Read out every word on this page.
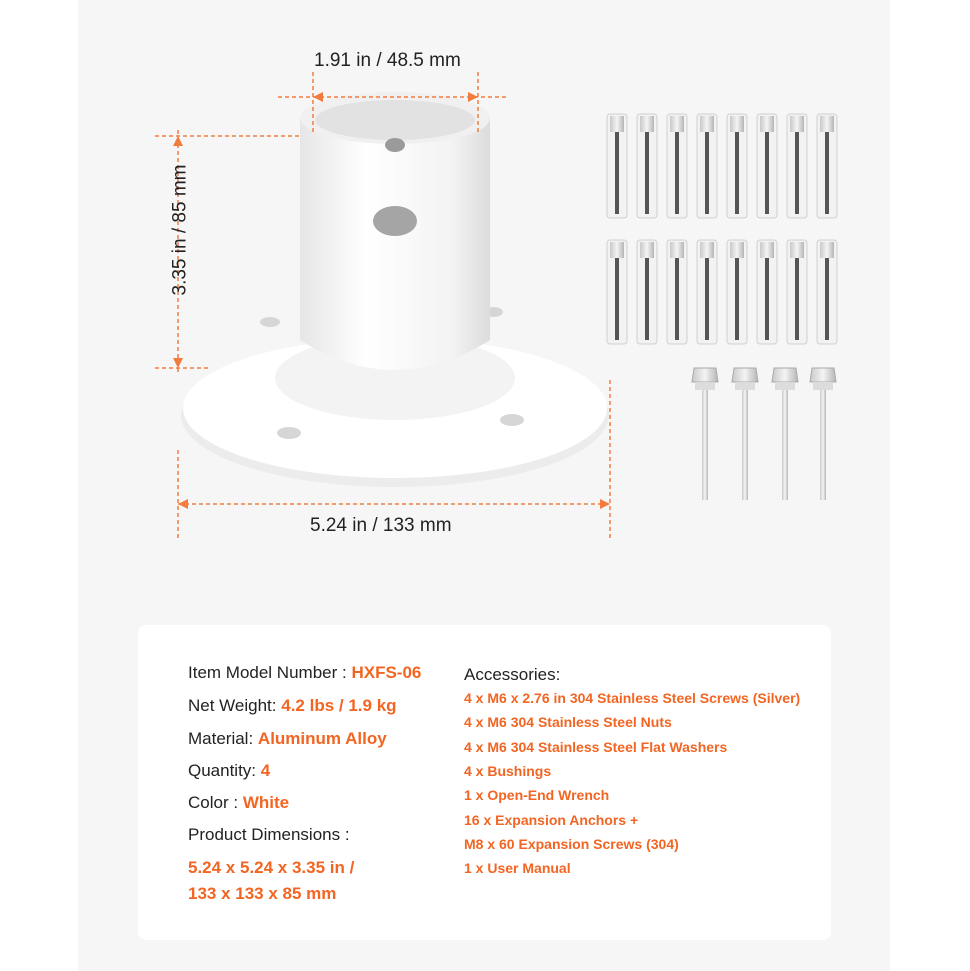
1.91 in / 48.5 mm
3.35 in / 85 mm
5.24 in / 133 mm
Item Model Number : HXFS-06
Net Weight: 4.2 lbs / 1.9 kg
Material: Aluminum Alloy
Quantity: 4
Color : White
Product Dimensions :
5.24 x 5.24 x 3.35 in /
133 x 133 x 85 mm
Accessories:
4 x M6 x 2.76 in 304 Stainless Steel Screws (Silver)
4 x M6 304 Stainless Steel Nuts
4 x M6 304 Stainless Steel Flat Washers
4 x Bushings
1 x Open-End Wrench
16 x Expansion Anchors +
M8 x 60 Expansion Screws (304)
1 x User Manual
